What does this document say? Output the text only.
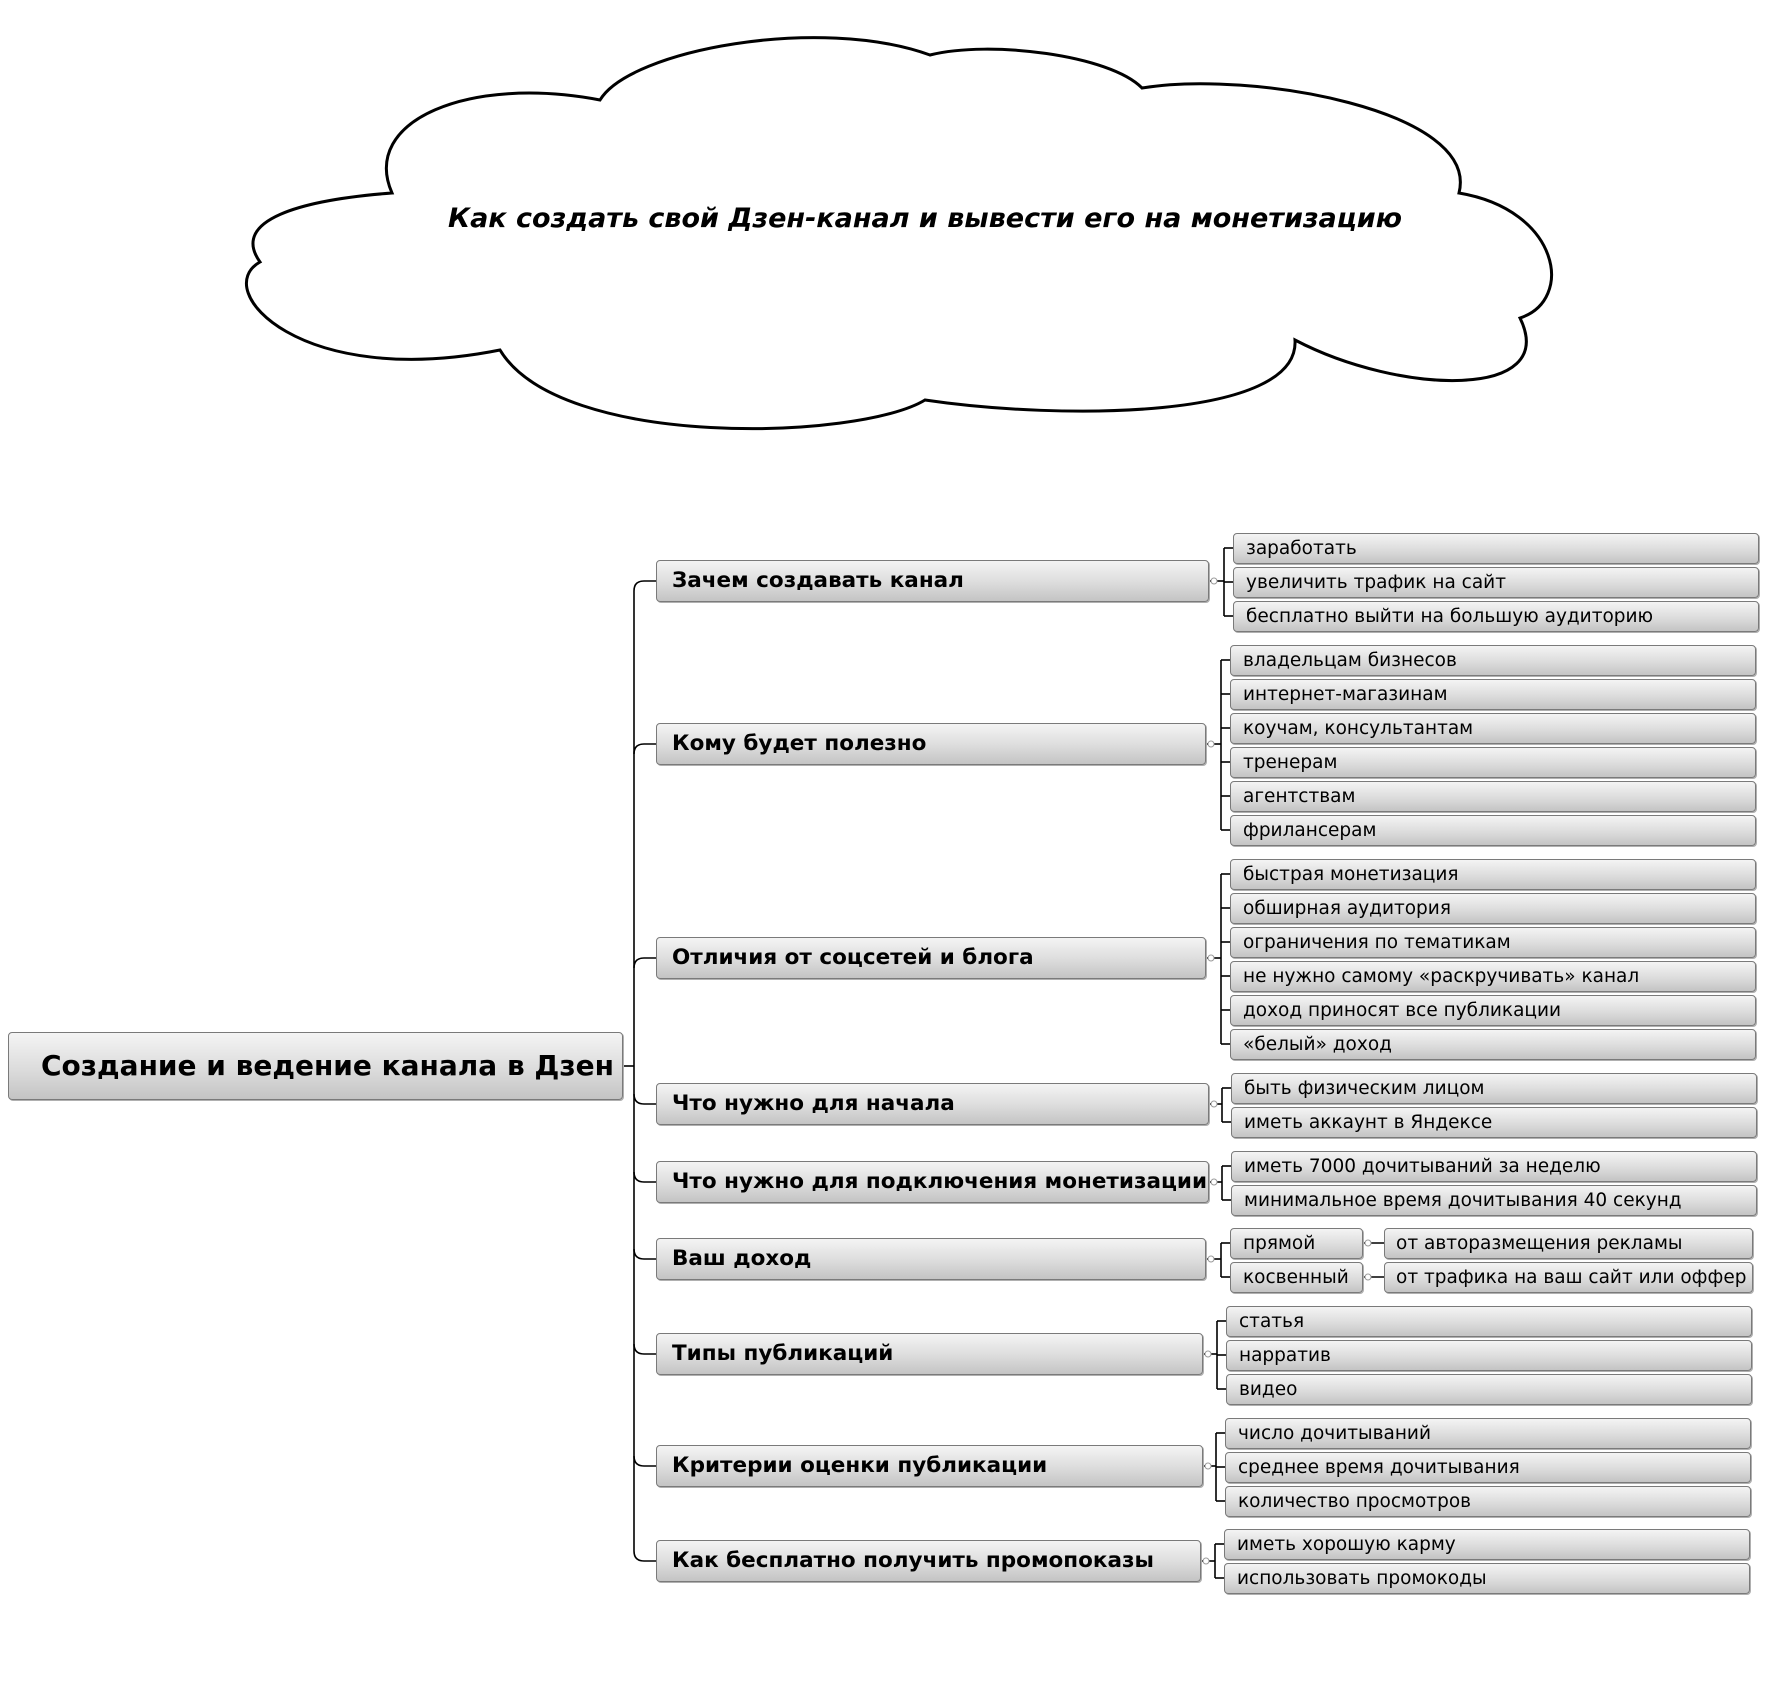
Как создать свой Дзен-канал и вывести его на монетизацию
Создание и ведение канала в Дзен
Зачем создавать канал
заработать
увеличить трафик на сайт
бесплатно выйти на большую аудиторию
Кому будет полезно
владельцам бизнесов
интернет-магазинам
коучам, консультантам
тренерам
агентствам
фрилансерам
Отличия от соцсетей и блога
быстрая монетизация
обширная аудитория
ограничения по тематикам
не нужно самому «раскручивать» канал
доход приносят все публикации
«белый» доход
Что нужно для начала
быть физическим лицом
иметь аккаунт в Яндексе
Что нужно для подключения монетизации
иметь 7000 дочитываний за неделю
минимальное время дочитывания 40 секунд
Ваш доход
прямой	от авторазмещения рекламы
косвенный	от трафика на ваш сайт или оффер
Типы публикаций
статья
нарратив
видео
Критерии оценки публикации
число дочитываний
среднее время дочитывания
количество просмотров
Как бесплатно получить промопоказы
иметь хорошую карму
использовать промокоды
